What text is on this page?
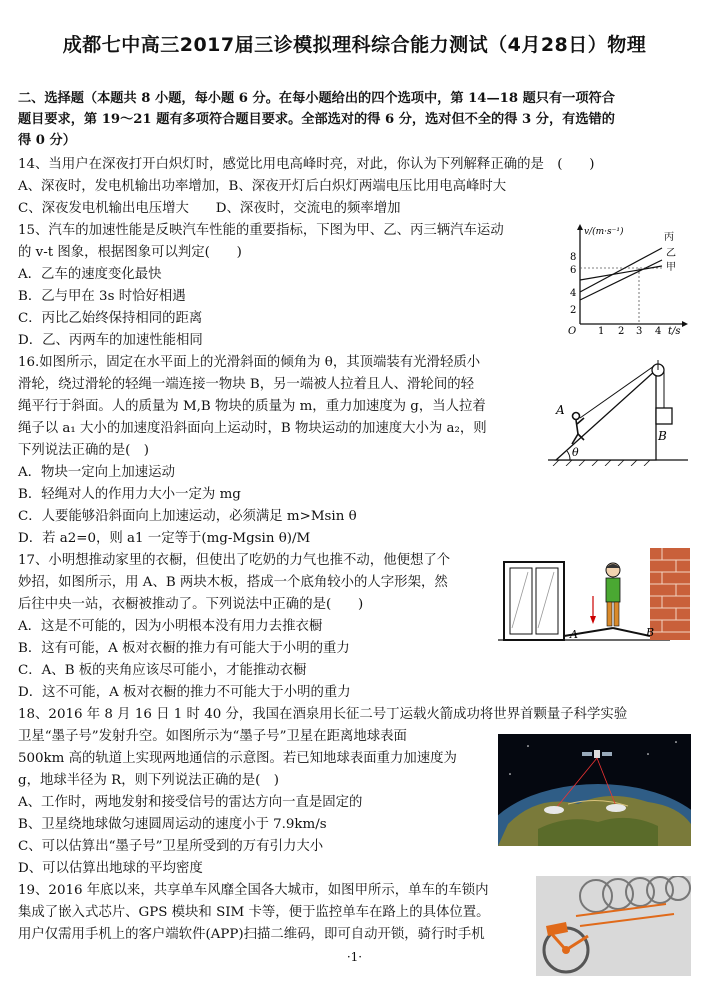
成都七中高三2017届三诊模拟理科综合能力测试（4月28日）物理
二、选择题（本题共 8 小题，每小题 6 分。在每小题给出的四个选项中，第 14—18 题只有一项符合
题目要求，第 19～21 题有多项符合题目要求。全部选对的得 6 分，选对但不全的得 3 分，有选错的
得 0 分）
14、当用户在深夜打开白炽灯时，感觉比用电高峰时亮，对此，你认为下列解释正确的是　(　　)
A、深夜时，发电机输出功率增加，B、深夜开灯后白炽灯两端电压比用电高峰时大
C、深夜发电机输出电压增大　　D、深夜时，交流电的频率增加
15、汽车的加速性能是反映汽车性能的重要指标，下图为甲、乙、丙三辆汽车运动
的 v-t 图象，根据图象可以判定(　　)
A．乙车的速度变化最快
B．乙与甲在 3s 时恰好相遇
C．丙比乙始终保持相同的距离
D．乙、丙两车的加速性能相同
v/(m·s⁻¹)
t/s
O
2
4
6
8
1 2 3 4
丙
乙
甲
16.如图所示，固定在水平面上的光滑斜面的倾角为 θ，其顶端装有光滑轻质小
滑轮，绕过滑轮的轻绳一端连接一物块 B，另一端被人拉着且人、滑轮间的轻
绳平行于斜面。人的质量为 M,B 物块的质量为 m，重力加速度为 g，当人拉着
绳子以 a₁ 大小的加速度沿斜面向上运动时，B 物块运动的加速度大小为 a₂，则
下列说法正确的是(　)
A．物块一定向上加速运动
B．轻绳对人的作用力大小一定为 mg
C．人要能够沿斜面向上加速运动，必须满足 m>Msin θ
D．若 a2=0，则 a1 一定等于(mg-Mgsin θ)/M
A
B
θ
17、小明想推动家里的衣橱，但使出了吃奶的力气也推不动，他便想了个
妙招，如图所示，用 A、B 两块木板，搭成一个底角较小的人字形架，然
后往中央一站，衣橱被推动了。下列说法中正确的是(　　)
A．这是不可能的，因为小明根本没有用力去推衣橱
B．这有可能，A 板对衣橱的推力有可能大于小明的重力
C．A、B 板的夹角应该尽可能小，才能推动衣橱
D．这不可能，A 板对衣橱的推力不可能大于小明的重力
A	B
18、2016 年 8 月 16 日 1 时 40 分，我国在酒泉用长征二号丁运载火箭成功将世界首颗量子科学实验
卫星“墨子号”发射升空。如图所示为“墨子号”卫星在距离地球表面
500km 高的轨道上实现两地通信的示意图。若已知地球表面重力加速度为
g，地球半径为 R，则下列说法正确的是(　)
A、工作时，两地发射和接受信号的雷达方向一直是固定的
B、卫星绕地球做匀速圆周运动的速度小于 7.9km/s
C、可以估算出“墨子号”卫星所受到的万有引力大小
D、可以估算出地球的平均密度
19、2016 年底以来，共享单车风靡全国各大城市，如图甲所示，单车的车锁内
集成了嵌入式芯片、GPS 模块和 SIM 卡等，便于监控单车在路上的具体位置。
用户仅需用手机上的客户端软件(APP)扫描二维码，即可自动开锁，骑行时手机
·1·
